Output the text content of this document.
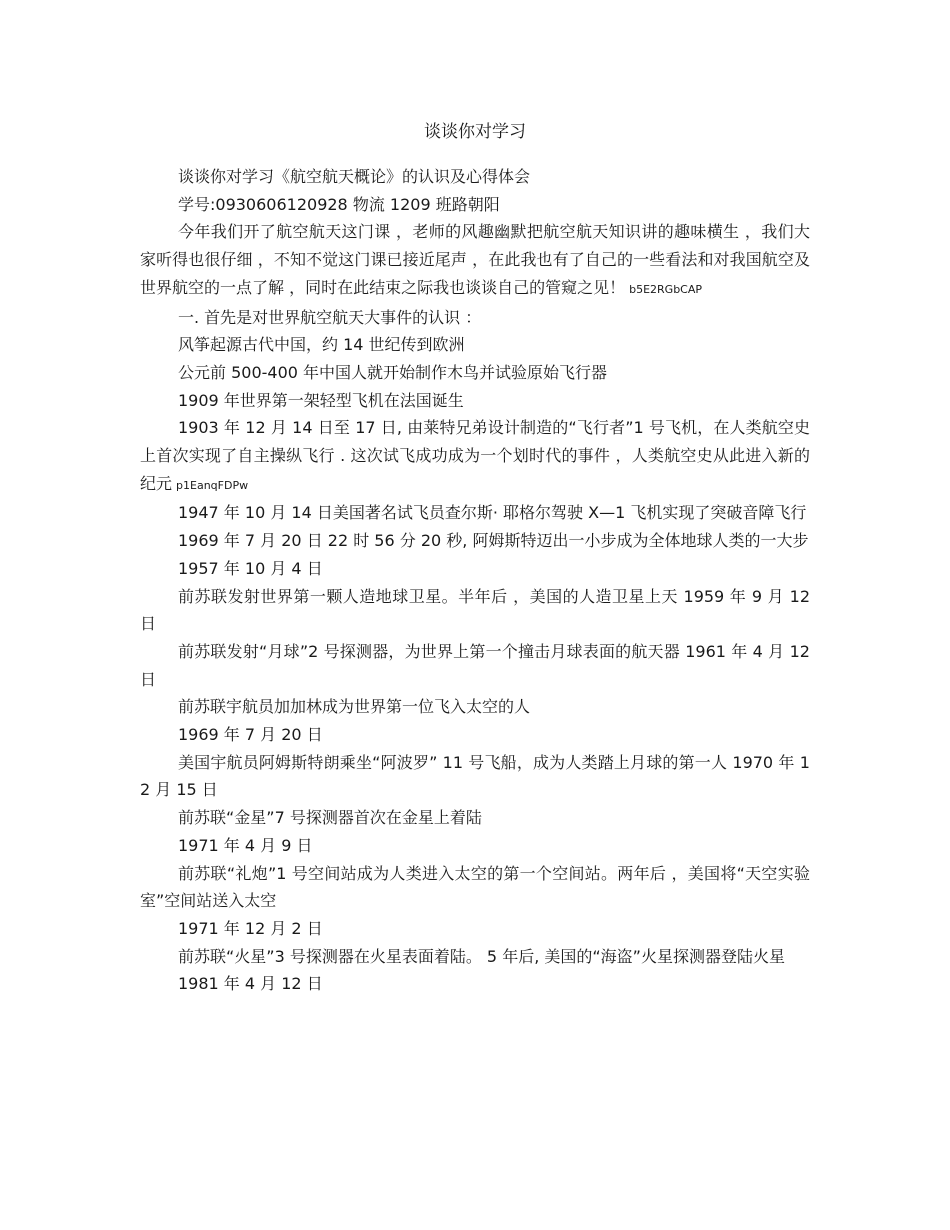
谈谈你对学习

谈谈你对学习《航空航天概论》的认识及心得体会

学号:0930606120928 物流 1209 班路朝阳

今年我们开了航空航天这门课 ，老师的风趣幽默把航空航天知识讲的趣味横生 ，我们大家听得也很仔细 ，不知不觉这门课已接近尾声 ，在此我也有了自己的一些看法和对我国航空及世界航空的一点了解 ，同时在此结束之际我也谈谈自己的管窥之见！ b5E2RGbCAP

一. 首先是对世界航空航天大事件的认识 ：

风筝起源古代中国，约 14 世纪传到欧洲

公元前 500-400 年中国人就开始制作木鸟并试验原始飞行器

1909 年世界第一架轻型飞机在法国诞生

1903 年 12 月 14 日至 17 日, 由莱特兄弟设计制造的“飞行者”1 号飞机，在人类航空史上首次实现了自主操纵飞行 . 这次试飞成功成为一个划时代的事件 ，人类航空史从此进入新的纪元 p1EanqFDPw

1947 年 10 月 14 日美国著名试飞员查尔斯· 耶格尔驾驶 X—1 飞机实现了突破音障飞行

1969 年 7 月 20 日 22 时 56 分 20 秒, 阿姆斯特迈出一小步成为全体地球人类的一大步

1957 年 10 月 4 日

前苏联发射世界第一颗人造地球卫星。半年后 ，美国的人造卫星上天 1959 年 9 月 12 日

前苏联发射“月球”2 号探测器，为世界上第一个撞击月球表面的航天器 1961 年 4 月 12 日

前苏联宇航员加加林成为世界第一位飞入太空的人

1969 年 7 月 20 日

美国宇航员阿姆斯特朗乘坐“阿波罗” 11 号飞船，成为人类踏上月球的第一人 1970 年 12 月 15 日

前苏联“金星”7 号探测器首次在金星上着陆

1971 年 4 月 9 日

前苏联“礼炮”1 号空间站成为人类进入太空的第一个空间站。两年后 ，美国将“天空实验室”空间站送入太空

1971 年 12 月 2 日

前苏联“火星”3 号探测器在火星表面着陆。 5 年后, 美国的“海盗”火星探测器登陆火星

1981 年 4 月 12 日
